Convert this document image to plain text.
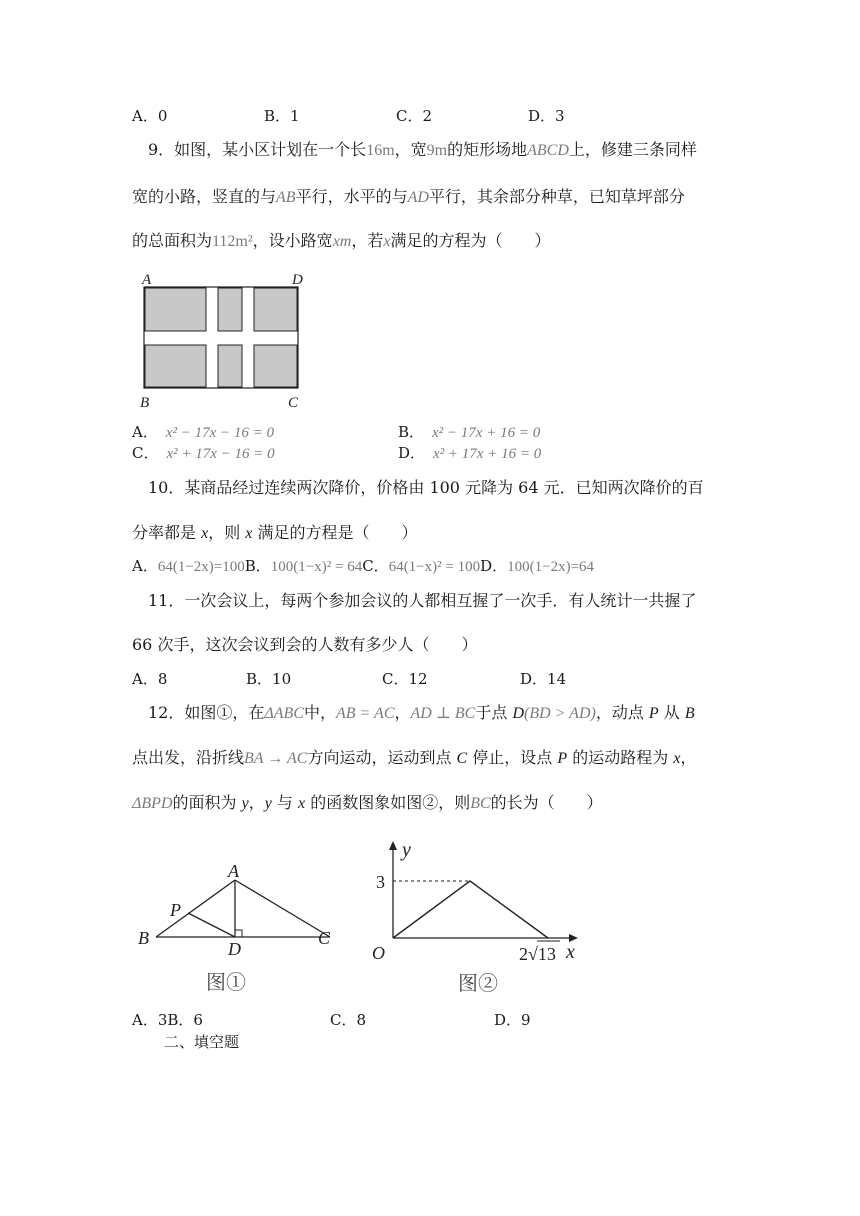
A．0	B．1	C．2	D．3
9．如图，某小区计划在一个长16m，宽9m的矩形场地ABCD上，修建三条同样
宽的小路，竖直的与AB平行，水平的与AD平行，其余部分种草，已知草坪部分
的总面积为112m²，设小路宽xm，若x满足的方程为（　　）
A	D
B	C
A． x² − 17x − 16 = 0	B． x² − 17x + 16 = 0
C． x² + 17x − 16 = 0	D． x² + 17x + 16 = 0
10．某商品经过连续两次降价，价格由 100 元降为 64 元．已知两次降价的百
分率都是 x，则 x 满足的方程是（　　）
A．64(1−2x)=100B．100(1−x)² = 64C．64(1−x)² = 100D．100(1−2x)=64
11．一次会议上，每两个参加会议的人都相互握了一次手．有人统计一共握了
66 次手，这次会议到会的人数有多少人（　　）
A．8	B．10	C．12	D．14
12．如图①，在ΔABC中，AB = AC，AD ⊥ BC于点 D(BD > AD)，动点 P 从 B
点出发，沿折线BA → AC方向运动，运动到点 C 停止，设点 P 的运动路程为 x，
ΔBPD的面积为 y，y 与 x 的函数图象如图②，则BC的长为（　　）
A
P
B
D
C
图①
y
3
O	2√13 x
图②
A．3B．6	C．8	D．9
二、填空题
